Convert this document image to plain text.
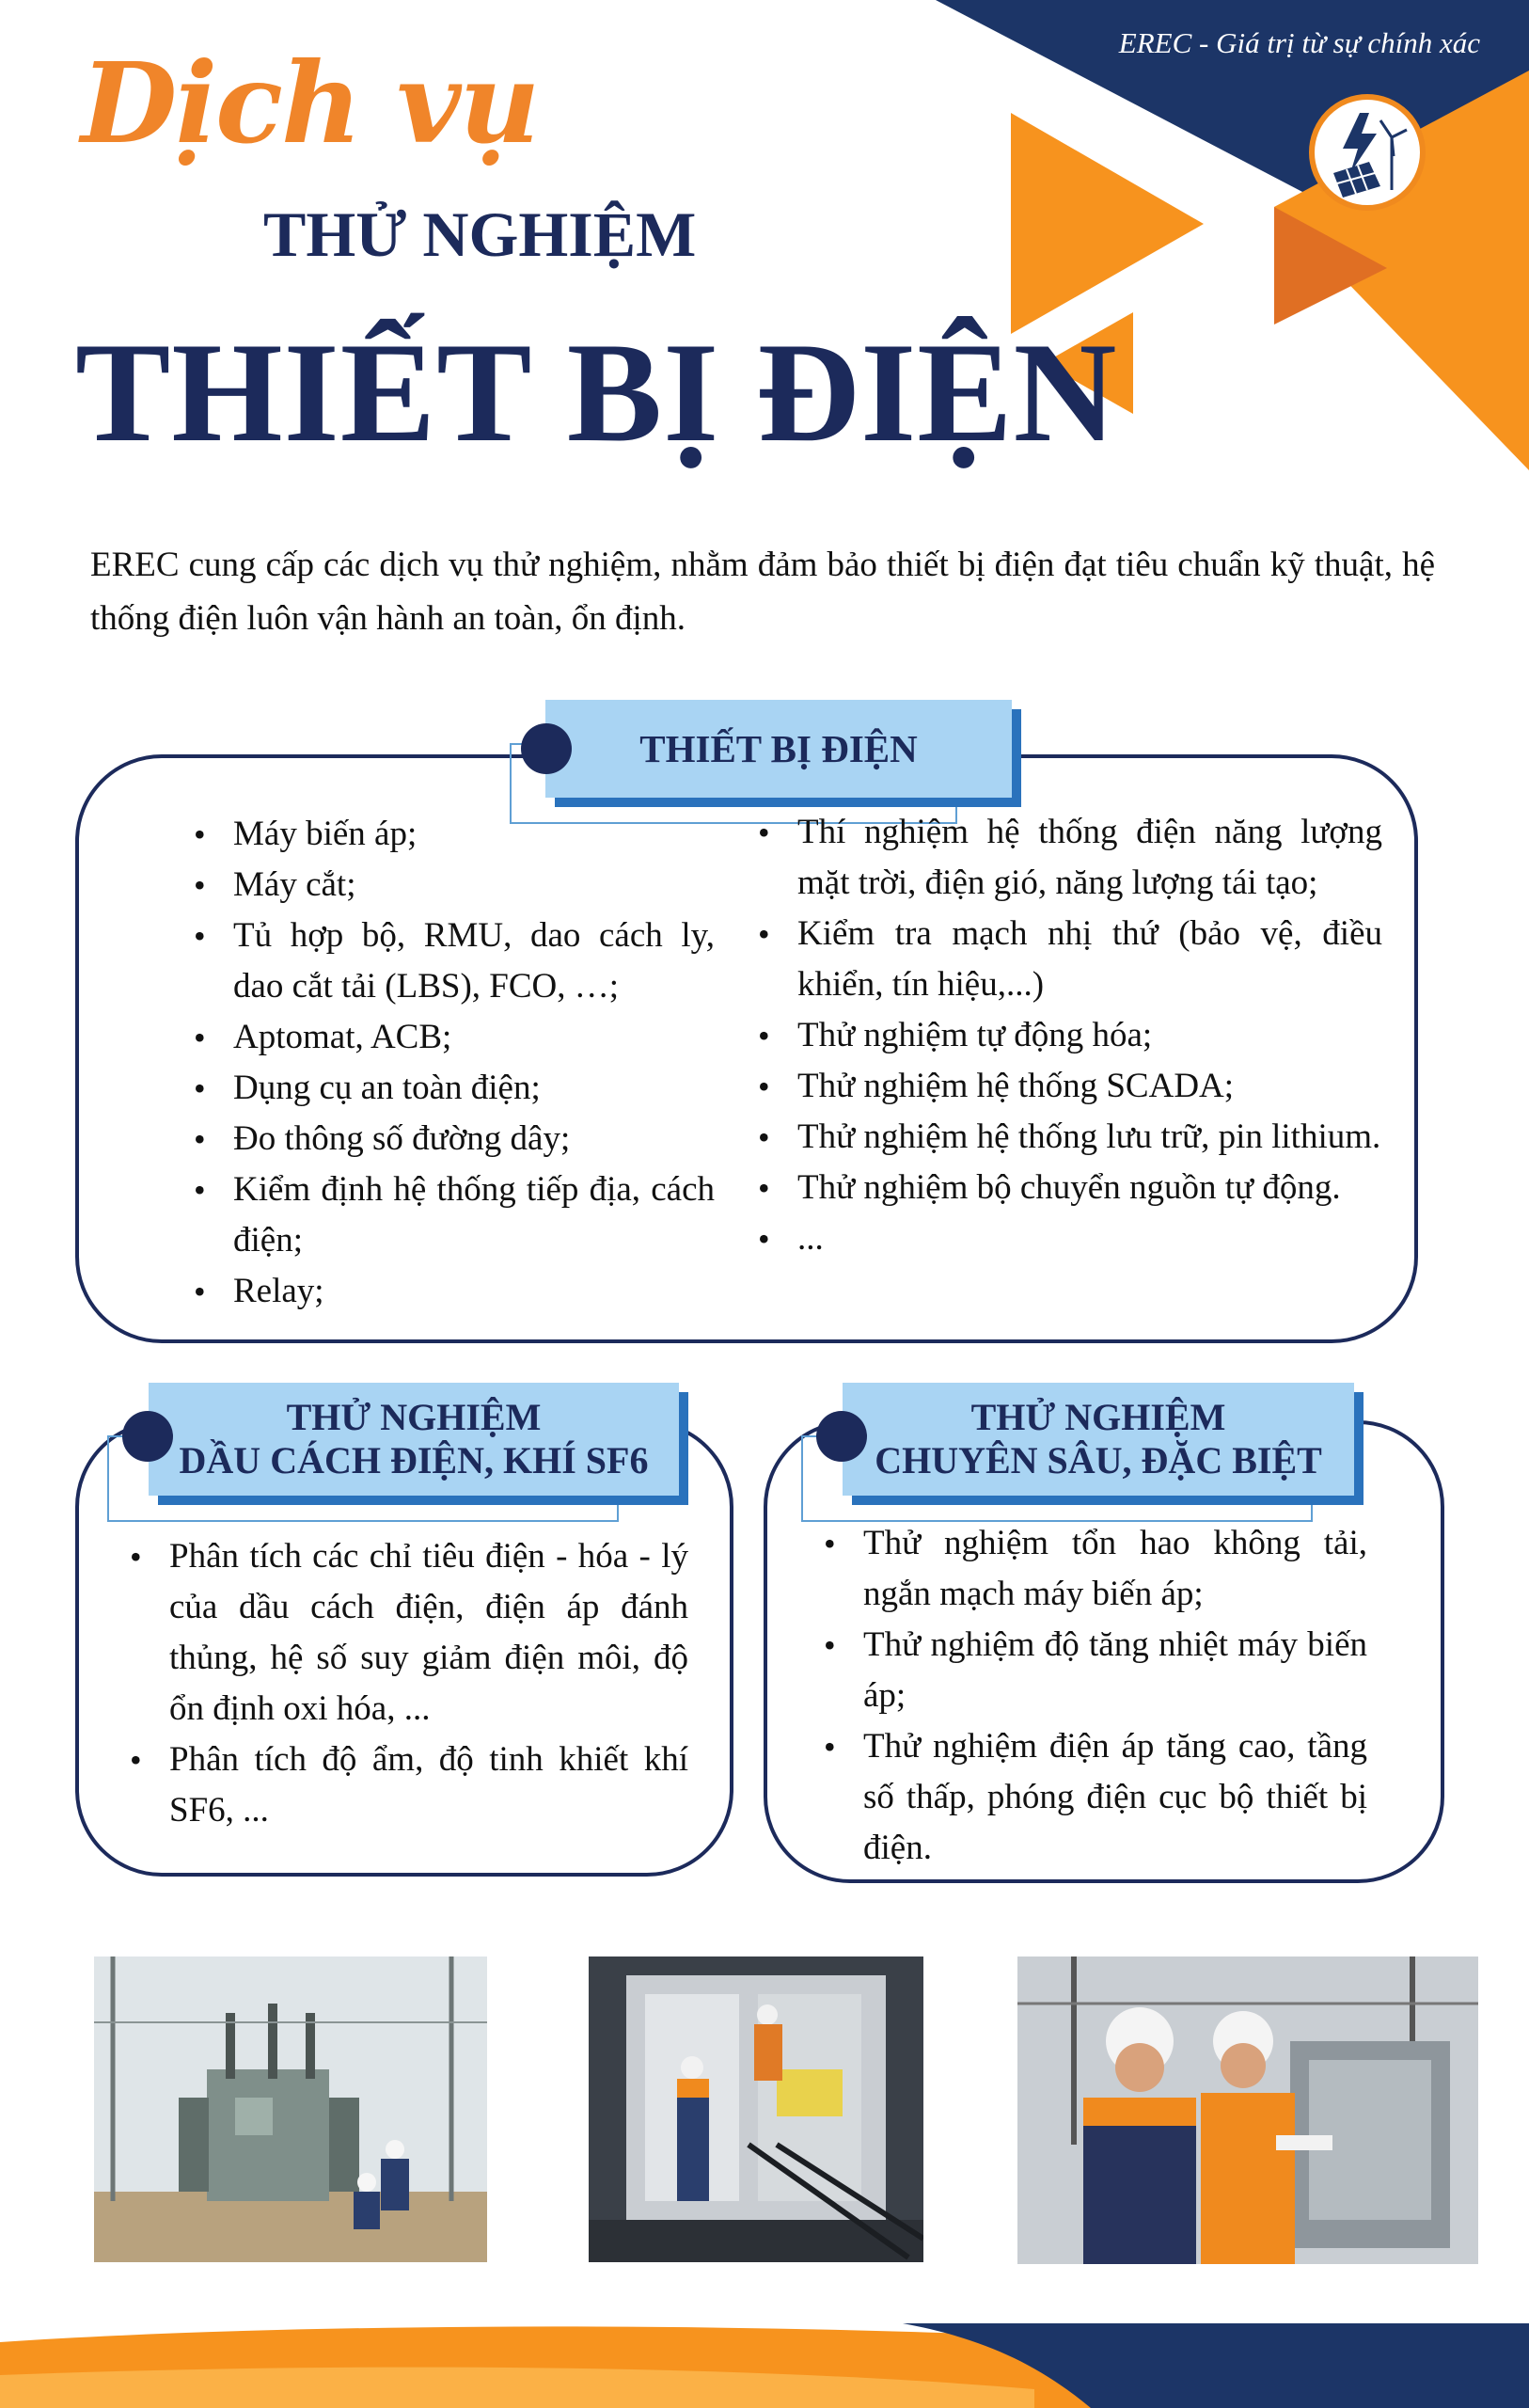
EREC - Giá trị từ sự chính xác
Dịch vụ
THỬ NGHIỆM
THIẾT BỊ ĐIỆN
EREC cung cấp các dịch vụ thử nghiệm, nhằm đảm bảo thiết bị điện đạt tiêu chuẩn kỹ thuật, hệ thống điện luôn vận hành an toàn, ổn định.
THIẾT BỊ ĐIỆN
• Máy biến áp;
• Máy cắt;
• Tủ hợp bộ, RMU, dao cách ly, dao cắt tải (LBS), FCO, …;
• Aptomat, ACB;
• Dụng cụ an toàn điện;
• Đo thông số đường dây;
• Kiểm định hệ thống tiếp địa, cách điện;
• Relay;
• Thí nghiệm hệ thống điện năng lượng mặt trời, điện gió, năng lượng tái tạo;
• Kiểm tra mạch nhị thứ (bảo vệ, điều khiển, tín hiệu,...)
• Thử nghiệm tự động hóa;
• Thử nghiệm hệ thống SCADA;
• Thử nghiệm hệ thống lưu trữ, pin lithium.
• Thử nghiệm bộ chuyển nguồn tự động.
• ...
THỬ NGHIỆM
DẦU CÁCH ĐIỆN, KHÍ SF6
• Phân tích các chỉ tiêu điện - hóa - lý của dầu cách điện, điện áp đánh thủng, hệ số suy giảm điện môi, độ ổn định oxi hóa, ...
• Phân tích độ ẩm, độ tinh khiết khí SF6, ...
THỬ NGHIỆM
CHUYÊN SÂU, ĐẶC BIỆT
• Thử nghiệm tổn hao không tải, ngắn mạch máy biến áp;
• Thử nghiệm độ tăng nhiệt máy biến áp;
• Thử nghiệm điện áp tăng cao, tầng số thấp, phóng điện cục bộ thiết bị điện.
